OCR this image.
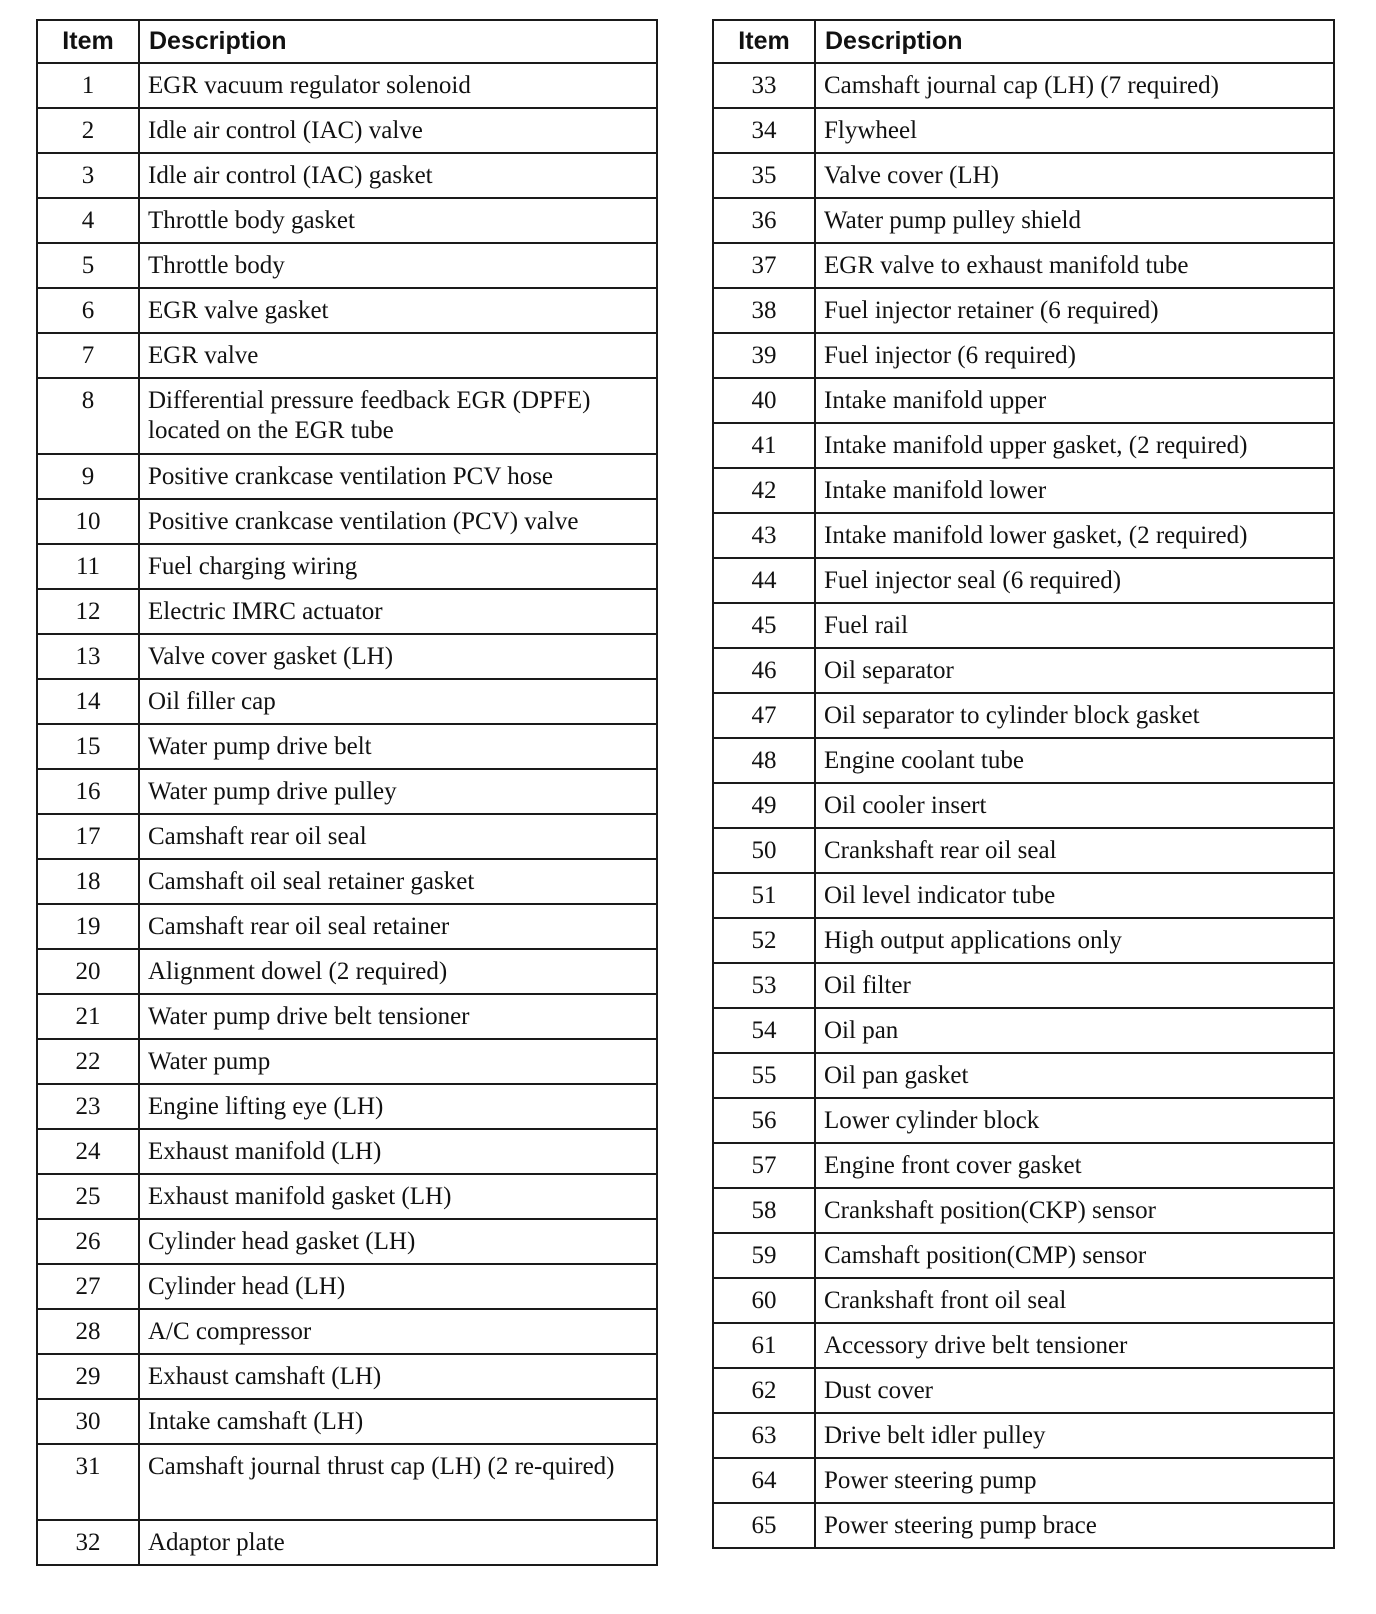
Item	Description
1	EGR vacuum regulator solenoid
2	Idle air control (IAC) valve
3	Idle air control (IAC) gasket
4	Throttle body gasket
5	Throttle body
6	EGR valve gasket
7	EGR valve
8	Differential pressure feedback EGR (DPFE) located on the EGR tube
9	Positive crankcase ventilation PCV hose
10	Positive crankcase ventilation (PCV) valve
11	Fuel charging wiring
12	Electric IMRC actuator
13	Valve cover gasket (LH)
14	Oil filler cap
15	Water pump drive belt
16	Water pump drive pulley
17	Camshaft rear oil seal
18	Camshaft oil seal retainer gasket
19	Camshaft rear oil seal retainer
20	Alignment dowel (2 required)
21	Water pump drive belt tensioner
22	Water pump
23	Engine lifting eye (LH)
24	Exhaust manifold (LH)
25	Exhaust manifold gasket (LH)
26	Cylinder head gasket (LH)
27	Cylinder head (LH)
28	A/C compressor
29	Exhaust camshaft (LH)
30	Intake camshaft (LH)
31	Camshaft journal thrust cap (LH) (2 re-quired)
32	Adaptor plate
Item	Description
33	Camshaft journal cap (LH) (7 required)
34	Flywheel
35	Valve cover (LH)
36	Water pump pulley shield
37	EGR valve to exhaust manifold tube
38	Fuel injector retainer (6 required)
39	Fuel injector (6 required)
40	Intake manifold upper
41	Intake manifold upper gasket, (2 required)
42	Intake manifold lower
43	Intake manifold lower gasket, (2 required)
44	Fuel injector seal (6 required)
45	Fuel rail
46	Oil separator
47	Oil separator to cylinder block gasket
48	Engine coolant tube
49	Oil cooler insert
50	Crankshaft rear oil seal
51	Oil level indicator tube
52	High output applications only
53	Oil filter
54	Oil pan
55	Oil pan gasket
56	Lower cylinder block
57	Engine front cover gasket
58	Crankshaft position(CKP) sensor
59	Camshaft position(CMP) sensor
60	Crankshaft front oil seal
61	Accessory drive belt tensioner
62	Dust cover
63	Drive belt idler pulley
64	Power steering pump
65	Power steering pump brace
